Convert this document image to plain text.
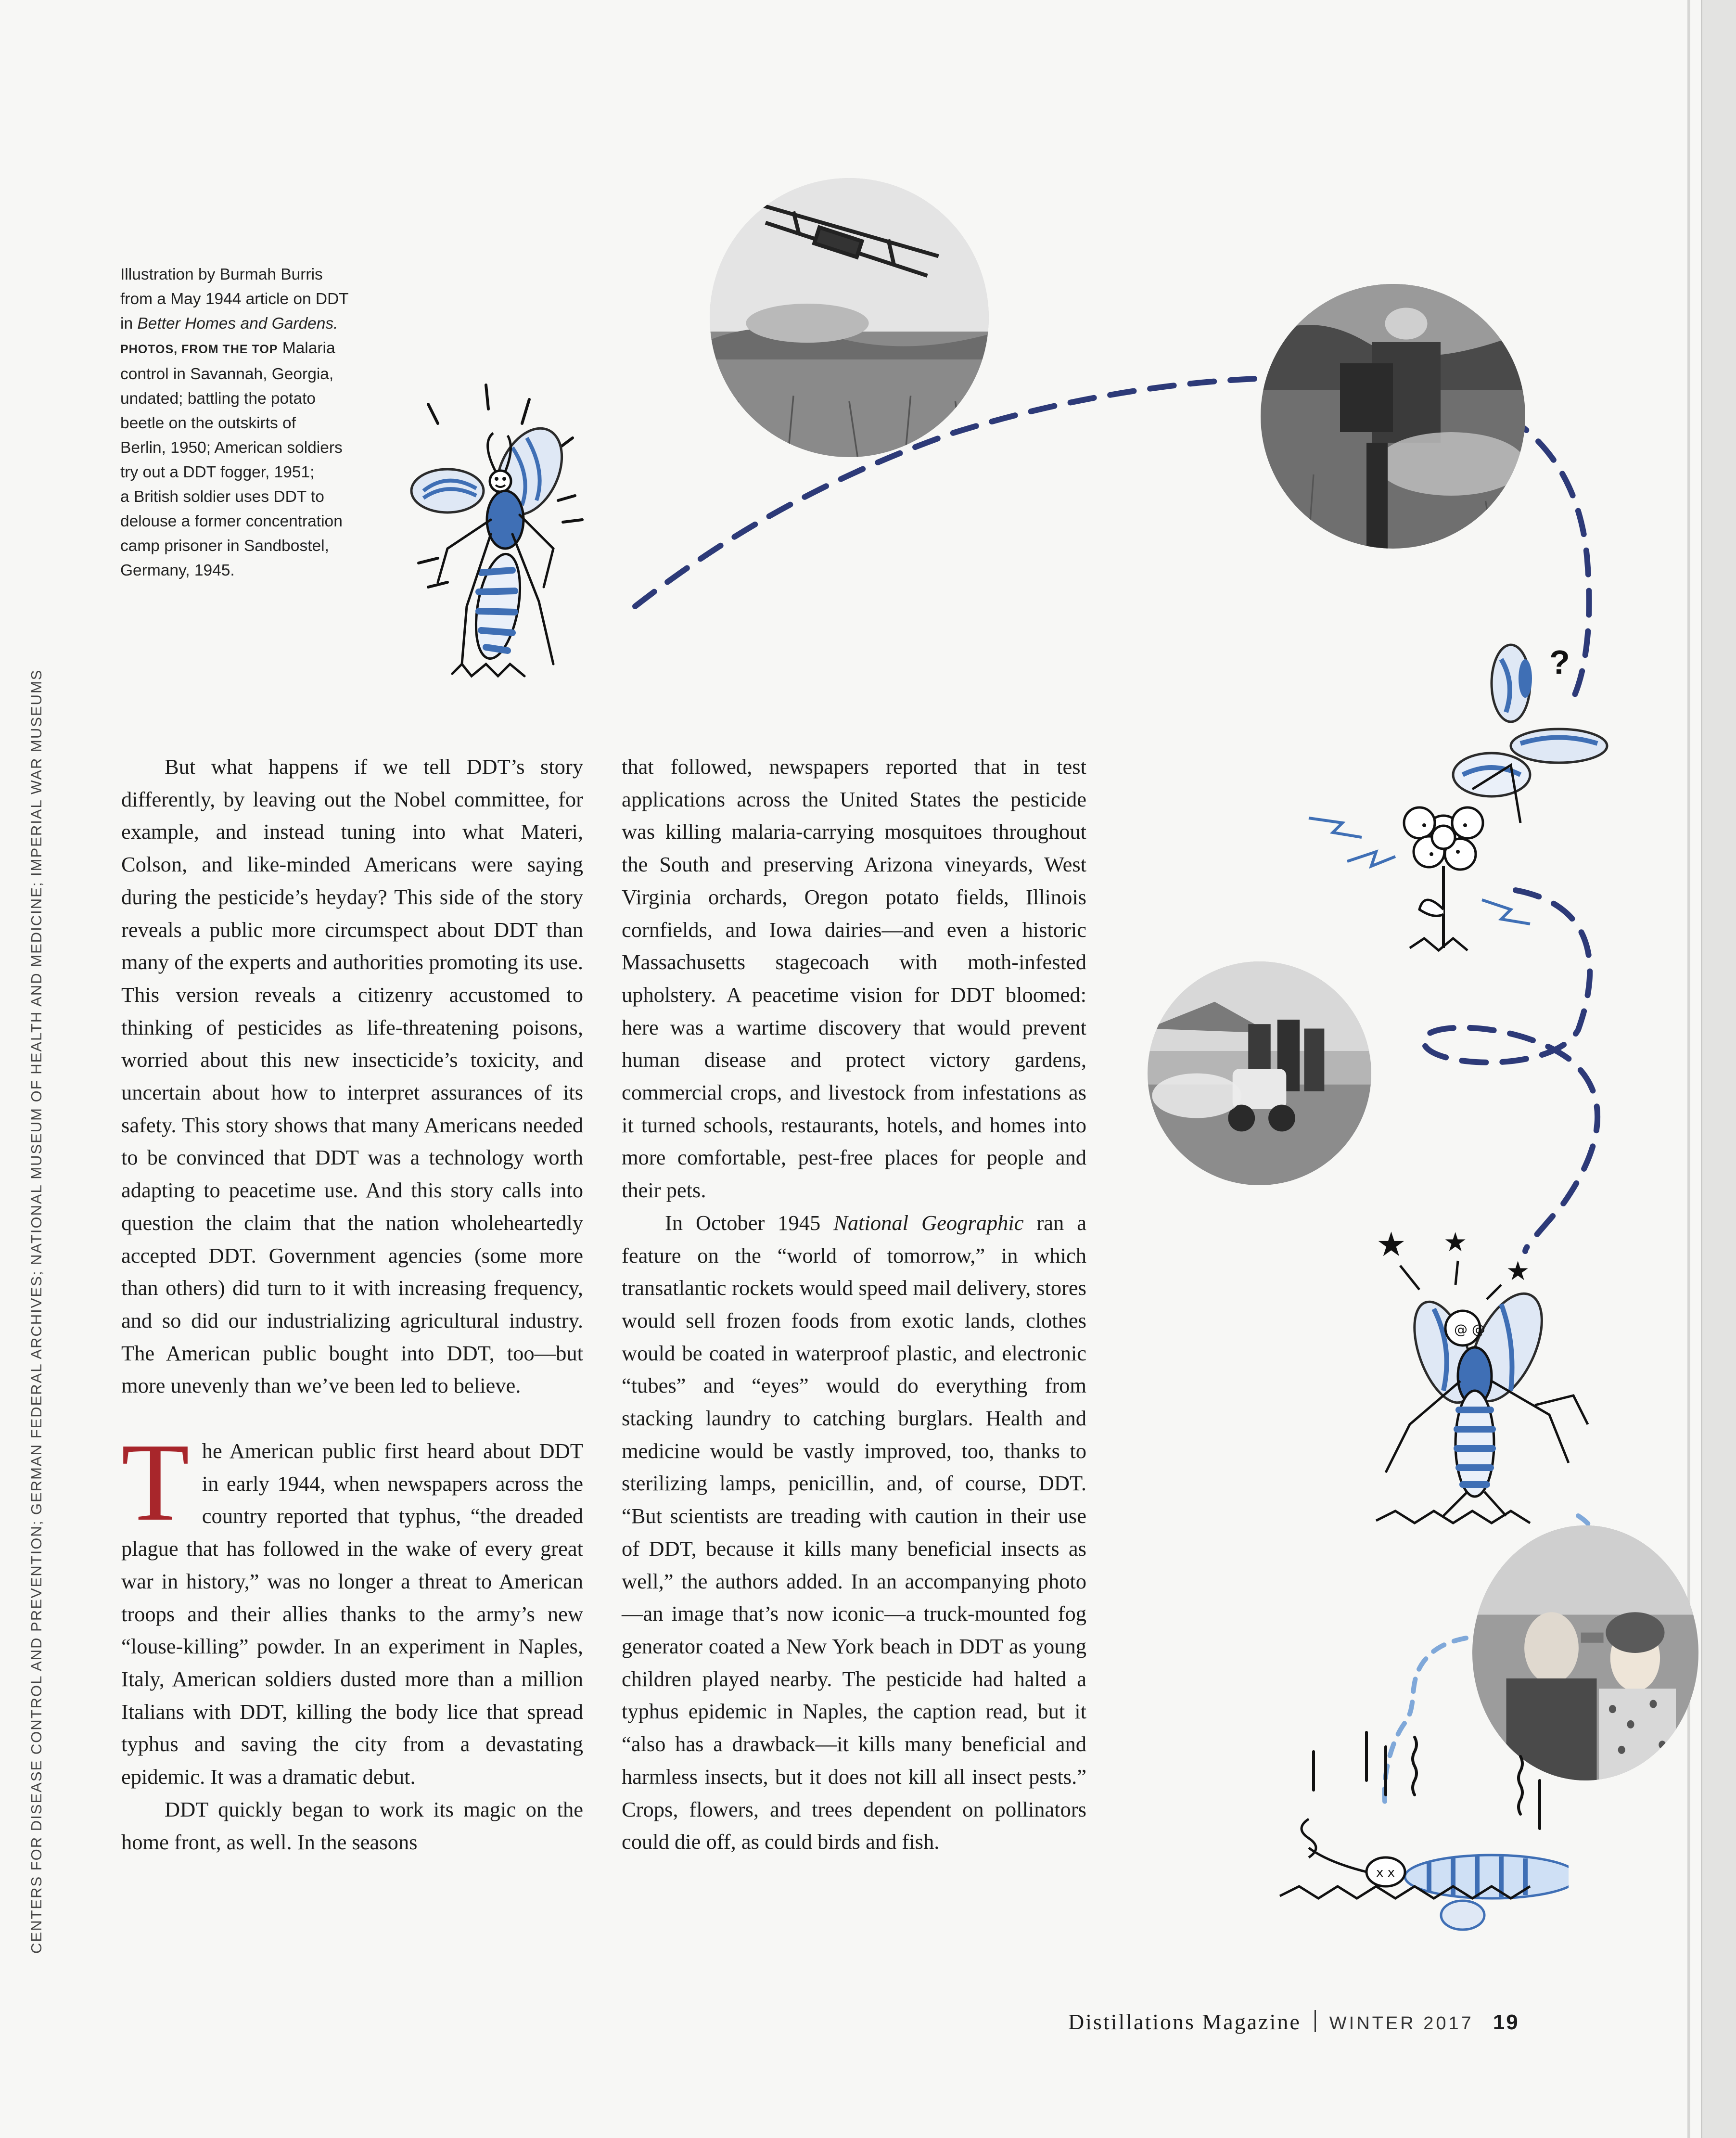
CENTERS FOR DISEASE CONTROL AND PREVENTION; GERMAN FEDERAL ARCHIVES; NATIONAL MUSEUM OF HEALTH AND MEDICINE; IMPERIAL WAR MUSEUMS
Illustration by Burmah Burris
from a May 1944 article on DDT
in Better Homes and Gardens.
PHOTOS, FROM THE TOP Malaria
control in Savannah, Georgia,
undated; battling the potato
beetle on the outskirts of
Berlin, 1950; American soldiers
try out a DDT fogger, 1951;
a British soldier uses DDT to
delouse a former concentration
camp prisoner in Sandbostel,
Germany, 1945.
?
★ ★
★
@ @
x x

But what happens if we tell DDT’s story differently, by leaving out the Nobel committee, for example, and instead tuning into what Materi, Colson, and like-minded Americans were saying during the pesticide’s heyday? This side of the story reveals a public more circumspect about DDT than many of the experts and authorities promoting its use. This version reveals a citizenry accustomed to thinking of pesticides as life-threatening poisons, worried about this new insecticide’s toxicity, and uncertain about how to interpret assurances of its safety. This story shows that many Americans needed to be convinced that DDT was a technology worth adapting to peacetime use. And this story calls into question the claim that the nation wholeheartedly accepted DDT. Government agencies (some more than others) did turn to it with increasing frequency, and so did our industrializing agricultural industry. The American public bought into DDT, too—but more unevenly than we’ve been led to believe.

The American public first heard about DDT in early 1944, when newspapers across the country reported that typhus, “the dreaded plague that has followed in the wake of every great war in history,” was no longer a threat to American troops and their allies thanks to the army’s new “louse-killing” powder. In an experiment in Naples, Italy, American soldiers dusted more than a million Italians with DDT, killing the body lice that spread typhus and saving the city from a devastating epidemic. It was a dramatic debut.

DDT quickly began to work its magic on the home front, as well. In the seasons

that followed, newspapers reported that in test applications across the United States the pesticide was killing malaria-carrying mosquitoes throughout the South and preserving Arizona vineyards, West Virginia orchards, Oregon potato fields, Illinois cornfields, and Iowa dairies—and even a historic Massachusetts stagecoach with moth-infested upholstery. A peacetime vision for DDT bloomed: here was a wartime discovery that would prevent human disease and protect victory gardens, commercial crops, and livestock from infestations as it turned schools, restaurants, hotels, and homes into more comfortable, pest-free places for people and their pets.

In October 1945 National Geographic ran a feature on the “world of tomorrow,” in which transatlantic rockets would speed mail delivery, stores would sell frozen foods from exotic lands, clothes would be coated in waterproof plastic, and electronic “tubes” and “eyes” would do everything from stacking laundry to catching burglars. Health and medicine would be vastly improved, too, thanks to sterilizing lamps, penicillin, and, of course, DDT. “But scientists are treading with caution in their use of DDT, because it kills many beneficial insects as well,” the authors added. In an accompanying photo—an image that’s now iconic—a truck-mounted fog generator coated a New York beach in DDT as young children played nearby. The pesticide had halted a typhus epidemic in Naples, the caption read, but it “also has a drawback—it kills many beneficial and harmless insects, but it does not kill all insect pests.” Crops, flowers, and trees dependent on pollinators could die off, as could birds and fish.

Distillations Magazine WINTER 2017 19
